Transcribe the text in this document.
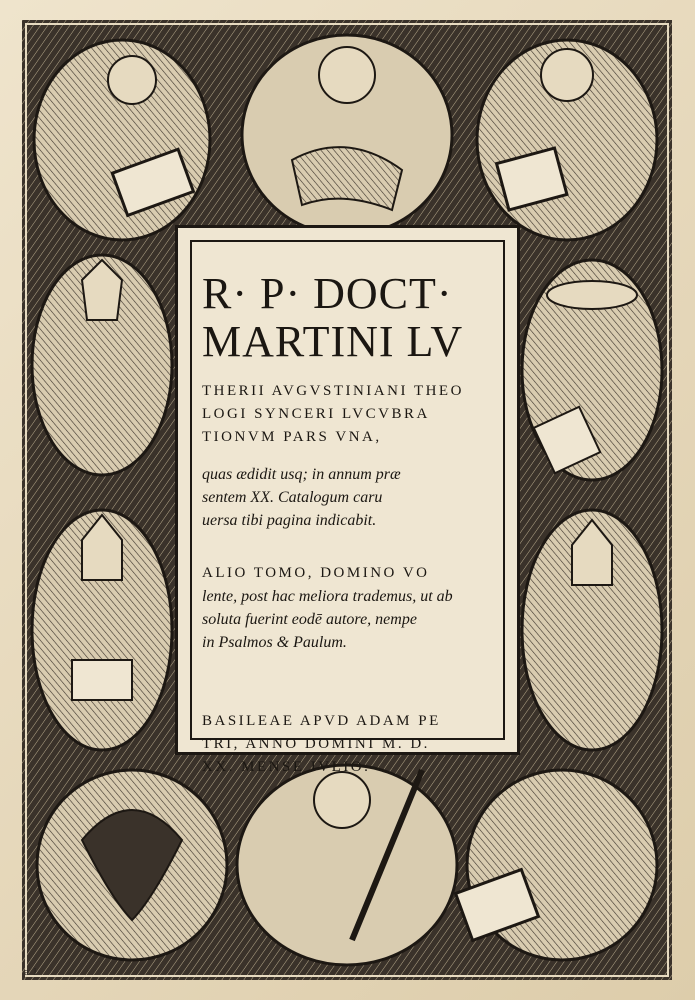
R· P· DOCT·

MARTINI LV

THERII AVGVSTINIANI THEO

LOGI SYNCERI LVCVBRA

TIONVM PARS VNA,

quas ædidit usq; in annum præ

sentem XX. Catalogum caru

uersa tibi pagina indicabit.

ALIO TOMO, DOMINO VO

lente, post hac meliora trademus, ut ab

soluta fuerint eodē autore, nempe

in Psalmos & Paulum.

BASILEAE APVD ADAM PE

TRI, ANNO DOMINI M. D.

XX. MENSE IVLIO.

a 1
